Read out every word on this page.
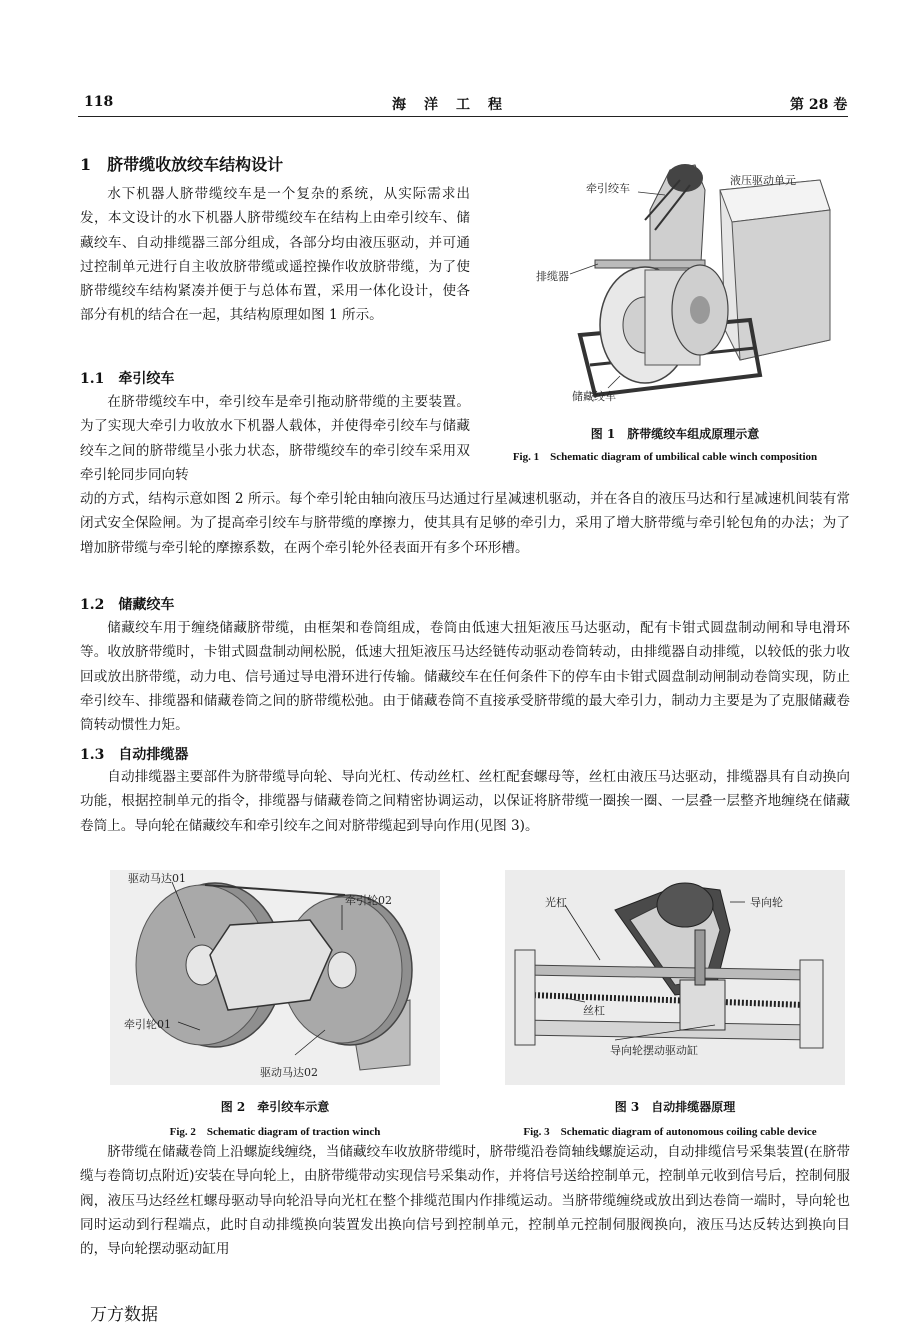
118	海　洋　工　程	第 28 卷
1　脐带缆收放绞车结构设计

水下机器人脐带缆绞车是一个复杂的系统，从实际需求出发，本文设计的水下机器人脐带缆绞车在结构上由牵引绞车、储藏绞车、自动排缆器三部分组成，各部分均由液压驱动，并可通过控制单元进行自主收放脐带缆或遥控操作收放脐带缆，为了使脐带缆绞车结构紧凑并便于与总体布置，采用一体化设计，使各部分有机的结合在一起，其结构原理如图 1 所示。

1.1　牵引绞车

在脐带缆绞车中，牵引绞车是牵引拖动脐带缆的主要装置。为了实现大牵引力收放水下机器人载体，并使得牵引绞车与储藏绞车之间的脐带缆呈小张力状态，脐带缆绞车的牵引绞车采用双牵引轮同步同向转

动的方式，结构示意如图 2 所示。每个牵引轮由轴向液压马达通过行星减速机驱动，并在各自的液压马达和行星减速机间装有常闭式安全保险闸。为了提高牵引绞车与脐带缆的摩擦力，使其具有足够的牵引力，采用了增大脐带缆与牵引轮包角的办法；为了增加脐带缆与牵引轮的摩擦系数，在两个牵引轮外径表面开有多个环形槽。

牵引绞车
液压驱动单元
排缆器
储藏绞车
图 1　脐带缆绞车组成原理示意
Fig. 1　Schematic diagram of umbilical cable winch composition
1.2　储藏绞车

储藏绞车用于缠绕储藏脐带缆，由框架和卷筒组成，卷筒由低速大扭矩液压马达驱动，配有卡钳式圆盘制动闸和导电滑环等。收放脐带缆时，卡钳式圆盘制动闸松脱，低速大扭矩液压马达经链传动驱动卷筒转动，由排缆器自动排缆，以较低的张力收回或放出脐带缆，动力电、信号通过导电滑环进行传输。储藏绞车在任何条件下的停车由卡钳式圆盘制动闸制动卷筒实现，防止牵引绞车、排缆器和储藏卷筒之间的脐带缆松弛。由于储藏卷筒不直接承受脐带缆的最大牵引力，制动力主要是为了克服储藏卷筒转动惯性力矩。

1.3　自动排缆器

自动排缆器主要部件为脐带缆导向轮、导向光杠、传动丝杠、丝杠配套螺母等，丝杠由液压马达驱动，排缆器具有自动换向功能，根据控制单元的指令，排缆器与储藏卷筒之间精密协调运动，以保证将脐带缆一圈挨一圈、一层叠一层整齐地缠绕在储藏卷筒上。导向轮在储藏绞车和牵引绞车之间对脐带缆起到导向作用(见图 3)。

驱动马达01
牵引轮02
牵引轮01
驱动马达02
图 2　牵引绞车示意
Fig. 2　Schematic diagram of traction winch
光杠	导向轮
丝杠
导向轮摆动驱动缸
图 3　自动排缆器原理
Fig. 3　Schematic diagram of autonomous coiling cable device

脐带缆在储藏卷筒上沿螺旋线缠绕，当储藏绞车收放脐带缆时，脐带缆沿卷筒轴线螺旋运动，自动排缆信号采集装置(在脐带缆与卷筒切点附近)安装在导向轮上，由脐带缆带动实现信号采集动作，并将信号送给控制单元，控制单元收到信号后，控制伺服阀，液压马达经丝杠螺母驱动导向轮沿导向光杠在整个排缆范围内作排缆运动。当脐带缆缠绕或放出到达卷筒一端时，导向轮也同时运动到行程端点，此时自动排缆换向装置发出换向信号到控制单元，控制单元控制伺服阀换向，液压马达反转达到换向目的，导向轮摆动驱动缸用

万方数据
